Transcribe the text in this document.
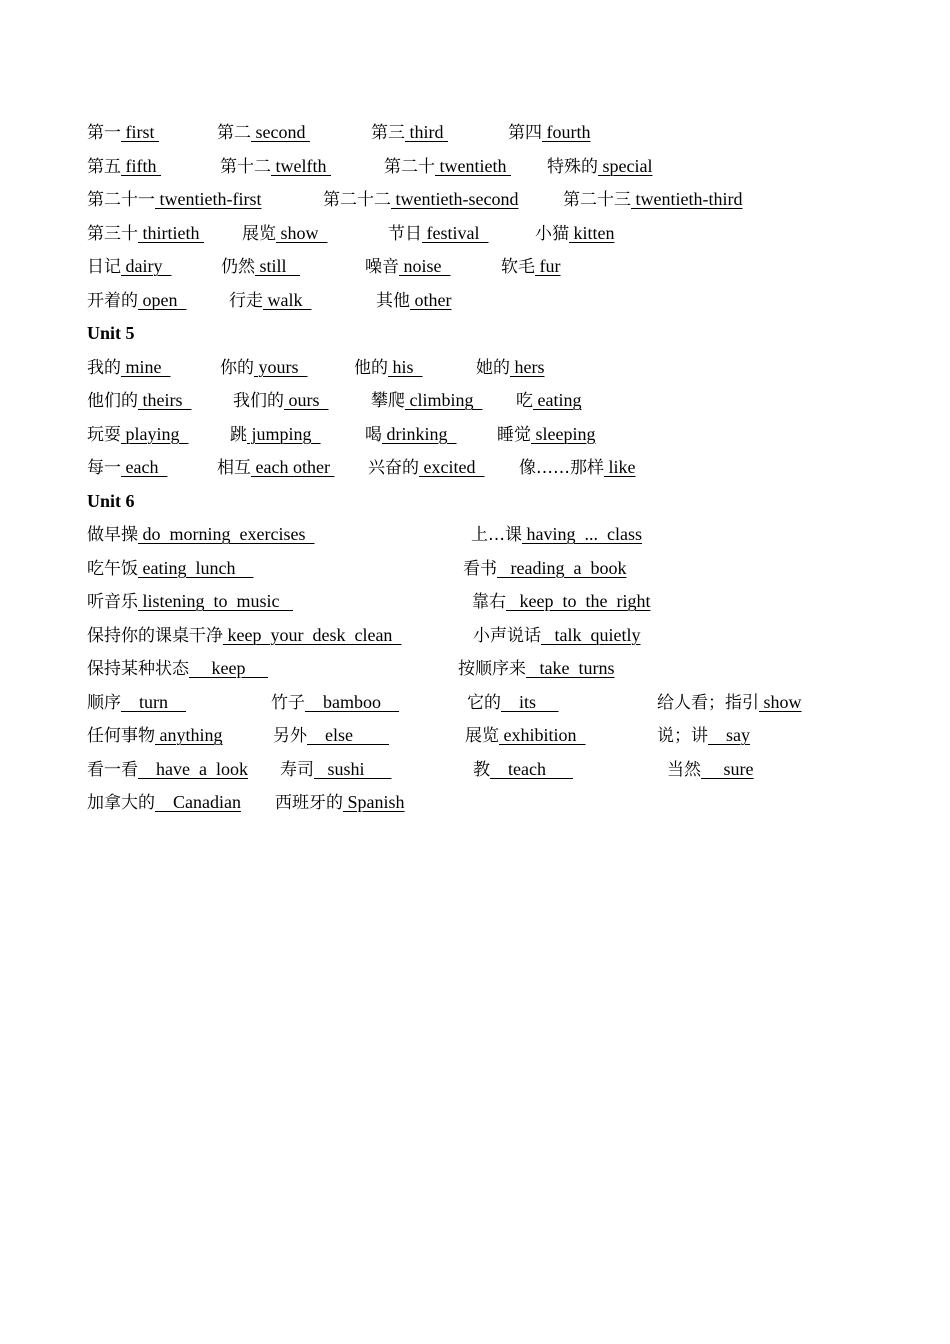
第一 first	第二 second	第三 third	第四 fourth
第五 fifth	第十二 twelfth	第二十 twentieth 特殊的 special
第二十一 twentieth-first	第二十二 twentieth-second	第二十三 twentieth-third
第三十 thirtieth 展览 show	节日 festival	小猫 kitten
日记 dairy	仍然 still	噪音 noise	软毛 fur
开着的 open	行走 walk	其他 other
Unit 5
我的 mine	你的 yours	他的 his	她的 hers
他们的 theirs 我们的 ours	攀爬 climbing 吃 eating
玩耍 playing 跳 jumping	喝 drinking 睡觉 sleeping
每一 each	相互 each other 兴奋的 excited 像……那样 like
Unit 6
做早操 do  morning  exercises	上…课 having  ...  class
吃午饭 eating  lunch	看书   reading  a  book
听音乐 listening  to  music	靠右   keep  to  the  right
保持你的课桌干净 keep  your  desk  clean	小声说话   talk  quietly
保持某种状态     keep	按顺序来   take  turns
顺序    turn	竹子    bamboo	它的    its	给人看；指引 show
任何事物 anything	另外    else	展览 exhibition	说；讲    say
看一看    have  a  look 寿司   sushi	教    teach	当然     sure
加拿大的    Canadian 西班牙的 Spanish
